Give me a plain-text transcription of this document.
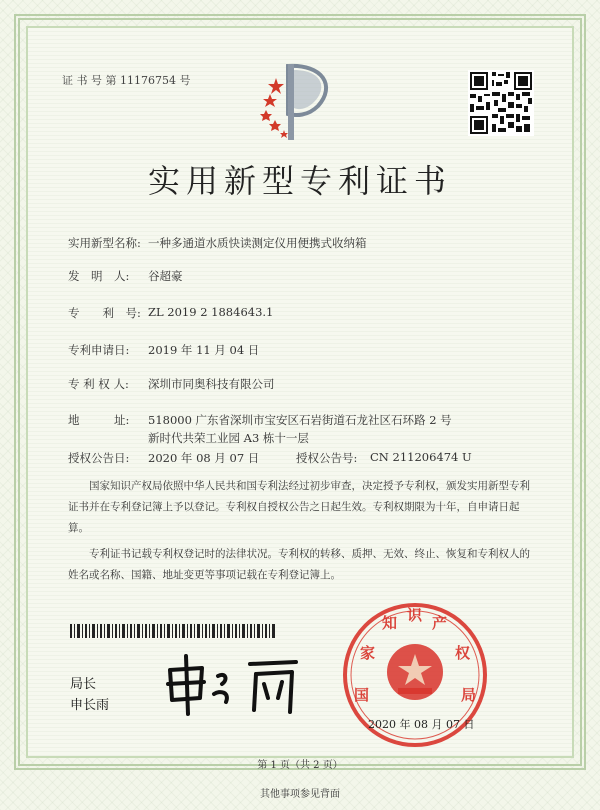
证 书 号 第 11176754 号
实用新型专利证书
实用新型名称: 一种多通道水质快读测定仪用便携式收纳箱
发　明　人: 谷超豪
专　　利　号: ZL 2019 2 1884643.1
专利申请日: 2019 年 11 月 04 日
专 利 权 人: 深圳市同奥科技有限公司
地　　　址: 518000 广东省深圳市宝安区石岩街道石龙社区石环路 2 号
新时代共荣工业园 A3 栋十一层
授权公告日: 2020 年 08 月 07 日	授权公告号: CN 211206474 U
国家知识产权局依照中华人民共和国专利法经过初步审查，决定授予专利权，颁发实用新型专利证书并在专利登记簿上予以登记。专利权自授权公告之日起生效。专利权期限为十年，自申请日起算。
专利证书记载专利权登记时的法律状况。专利权的转移、质押、无效、终止、恢复和专利权人的姓名或名称、国籍、地址变更等事项记载在专利登记簿上。
局长
申长雨
国
家
知 识 产
权
局
2020 年 08 月 07 日
第 1 页（共 2 页）
其他事项参见背面
